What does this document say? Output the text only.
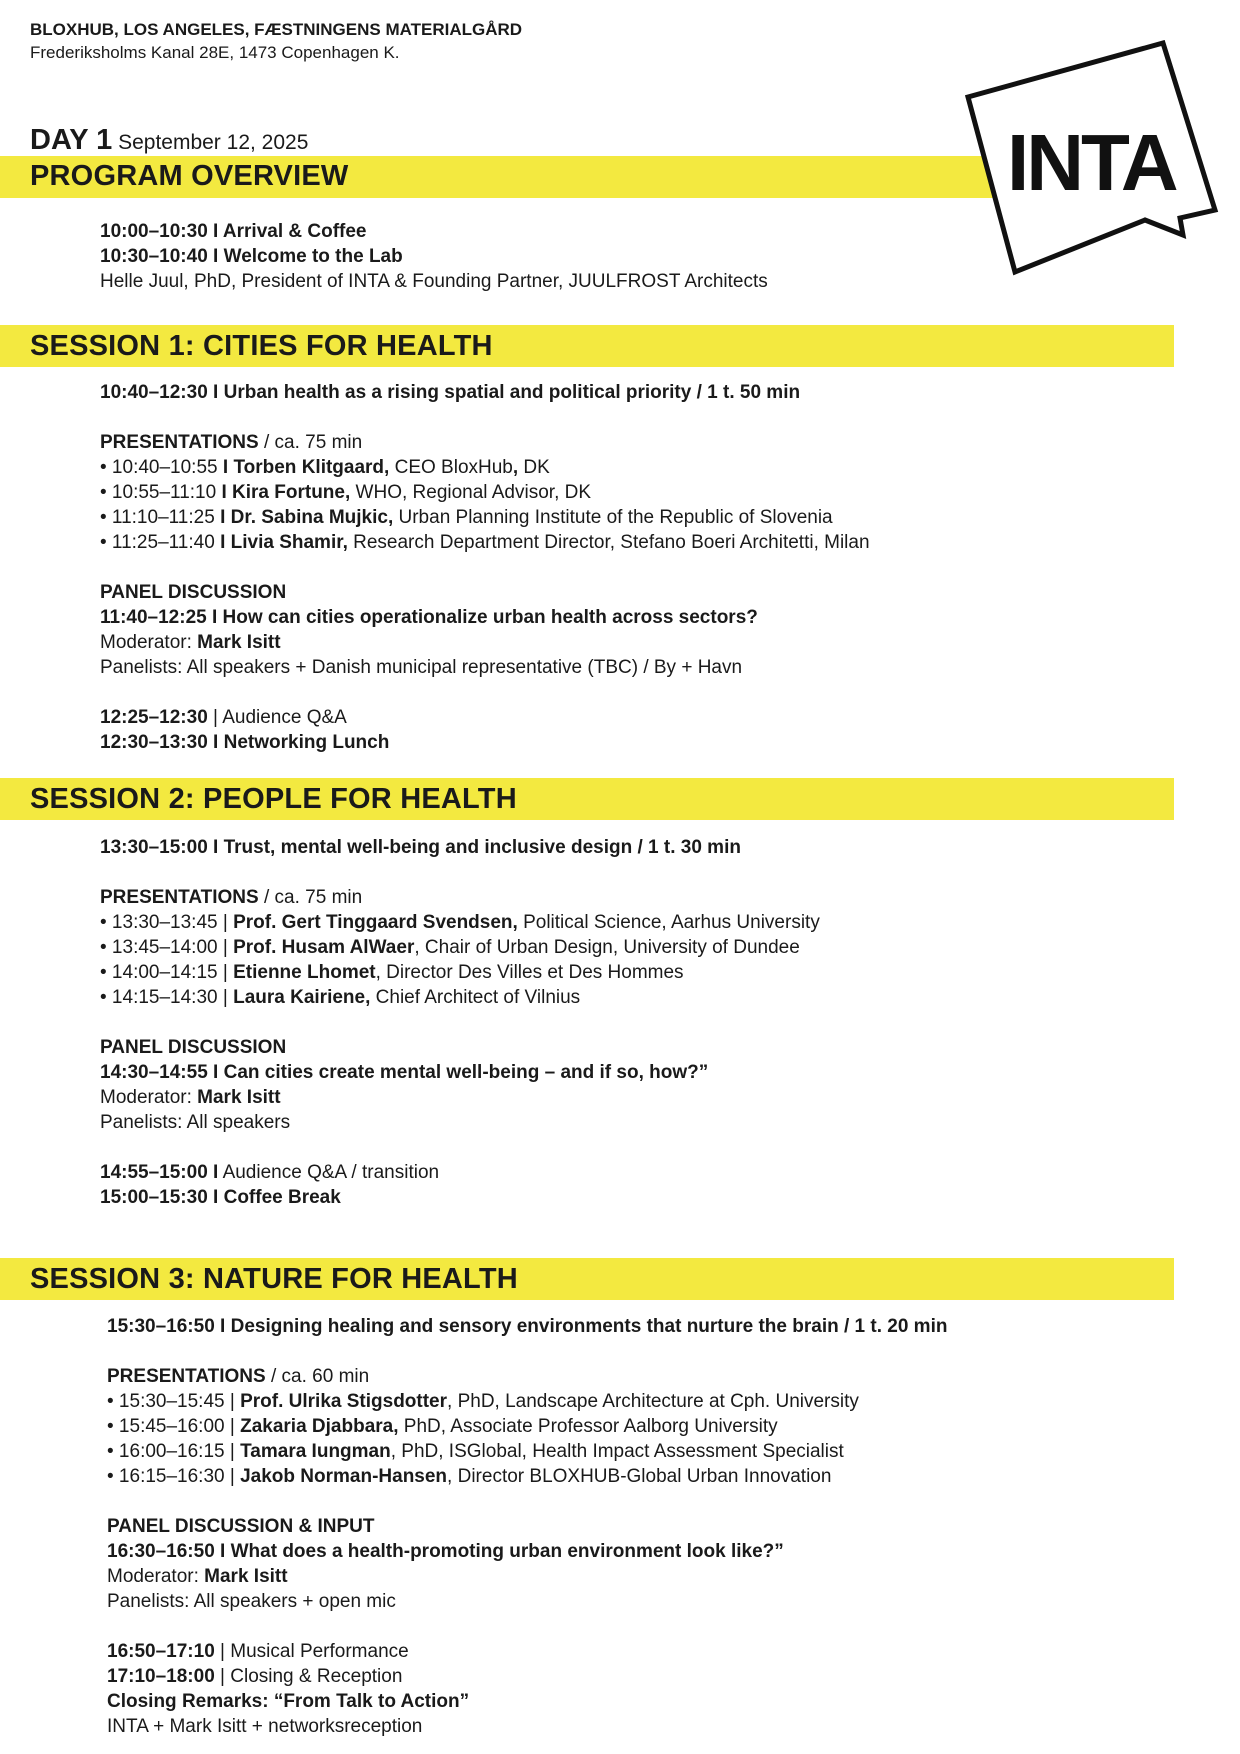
BLOXHUB, LOS ANGELES, FÆSTNINGENS MATERIALGÅRD
Frederiksholms Kanal 28E, 1473 Copenhagen K.
DAY 1 September 12, 2025
PROGRAM OVERVIEW	INTA
10:00–10:30 I Arrival & Coffee
10:30–10:40 I Welcome to the Lab
Helle Juul, PhD, President of INTA & Founding Partner, JUULFROST Architects
SESSION 1: CITIES FOR HEALTH
10:40–12:30 I Urban health as a rising spatial and political priority / 1 t. 50 min
PRESENTATIONS / ca. 75 min
• 10:40–10:55 I Torben Klitgaard, CEO BloxHub, DK
• 10:55–11:10 I Kira Fortune, WHO, Regional Advisor, DK
• 11:10–11:25 I Dr. Sabina Mujkic, Urban Planning Institute of the Republic of Slovenia
• 11:25–11:40 I Livia Shamir, Research Department Director, Stefano Boeri Architetti, Milan
PANEL DISCUSSION
11:40–12:25 I How can cities operationalize urban health across sectors?
Moderator: Mark Isitt
Panelists: All speakers + Danish municipal representative (TBC) / By + Havn
12:25–12:30 | Audience Q&A
12:30–13:30 I Networking Lunch
SESSION 2: PEOPLE FOR HEALTH
13:30–15:00 I Trust, mental well-being and inclusive design / 1 t. 30 min
PRESENTATIONS / ca. 75 min
• 13:30–13:45 | Prof. Gert Tinggaard Svendsen, Political Science, Aarhus University
• 13:45–14:00 | Prof. Husam AlWaer, Chair of Urban Design, University of Dundee
• 14:00–14:15 | Etienne Lhomet, Director Des Villes et Des Hommes
• 14:15–14:30 | Laura Kairiene, Chief Architect of Vilnius
PANEL DISCUSSION
14:30–14:55 I Can cities create mental well-being – and if so, how?”
Moderator: Mark Isitt
Panelists: All speakers
14:55–15:00 I Audience Q&A / transition
15:00–15:30 I Coffee Break
SESSION 3: NATURE FOR HEALTH
15:30–16:50 I Designing healing and sensory environments that nurture the brain / 1 t. 20 min
PRESENTATIONS / ca. 60 min
• 15:30–15:45 | Prof. Ulrika Stigsdotter, PhD, Landscape Architecture at Cph. University
• 15:45–16:00 | Zakaria Djabbara, PhD, Associate Professor Aalborg University
• 16:00–16:15 | Tamara Iungman, PhD, ISGlobal, Health Impact Assessment Specialist
• 16:15–16:30 | Jakob Norman-Hansen, Director BLOXHUB-Global Urban Innovation
PANEL DISCUSSION & INPUT
16:30–16:50 I What does a health-promoting urban environment look like?”
Moderator: Mark Isitt
Panelists: All speakers + open mic
16:50–17:10 | Musical Performance
17:10–18:00 | Closing & Reception
Closing Remarks: “From Talk to Action”
INTA + Mark Isitt + networksreception
